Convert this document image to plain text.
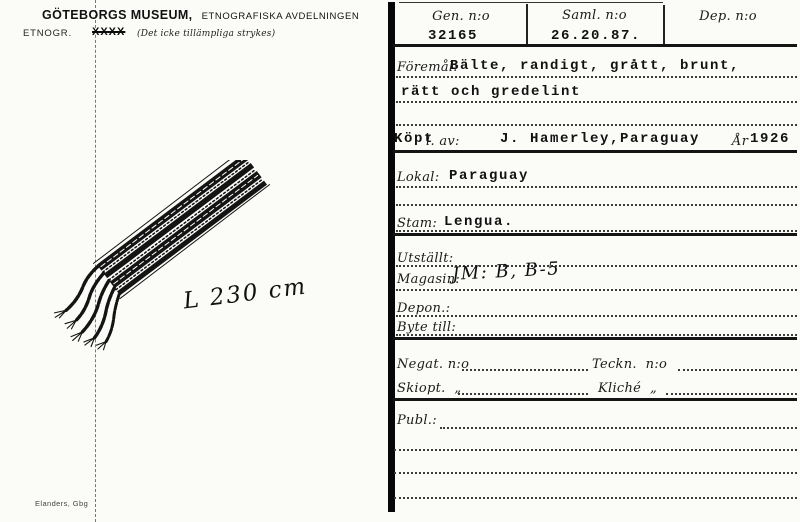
GÖTEBORGS MUSEUM, ETNOGRAFISKA AVDELNINGEN
ETNOGR. XXXX (Det icke tillämpliga strykes)
L 230 cm
Elanders, Gbg
Gen. n:o	Saml. n:o	Dep. n:o
32165	26.20.87.
Föremål:
Bälte, randigt, grått, brunt,
rätt och gredelint
Köpt
l. av:	J. Hamerley,Paraguay År 1926
Lokal: Paraguay
Stam: Lengua.
Utställt:
Magasin:
JM: B, B-5
Depon.:
Byte till:
Negat. n:o	Teckn.  n:o
Skiopt.  „	Kliché  „
Publ.:
